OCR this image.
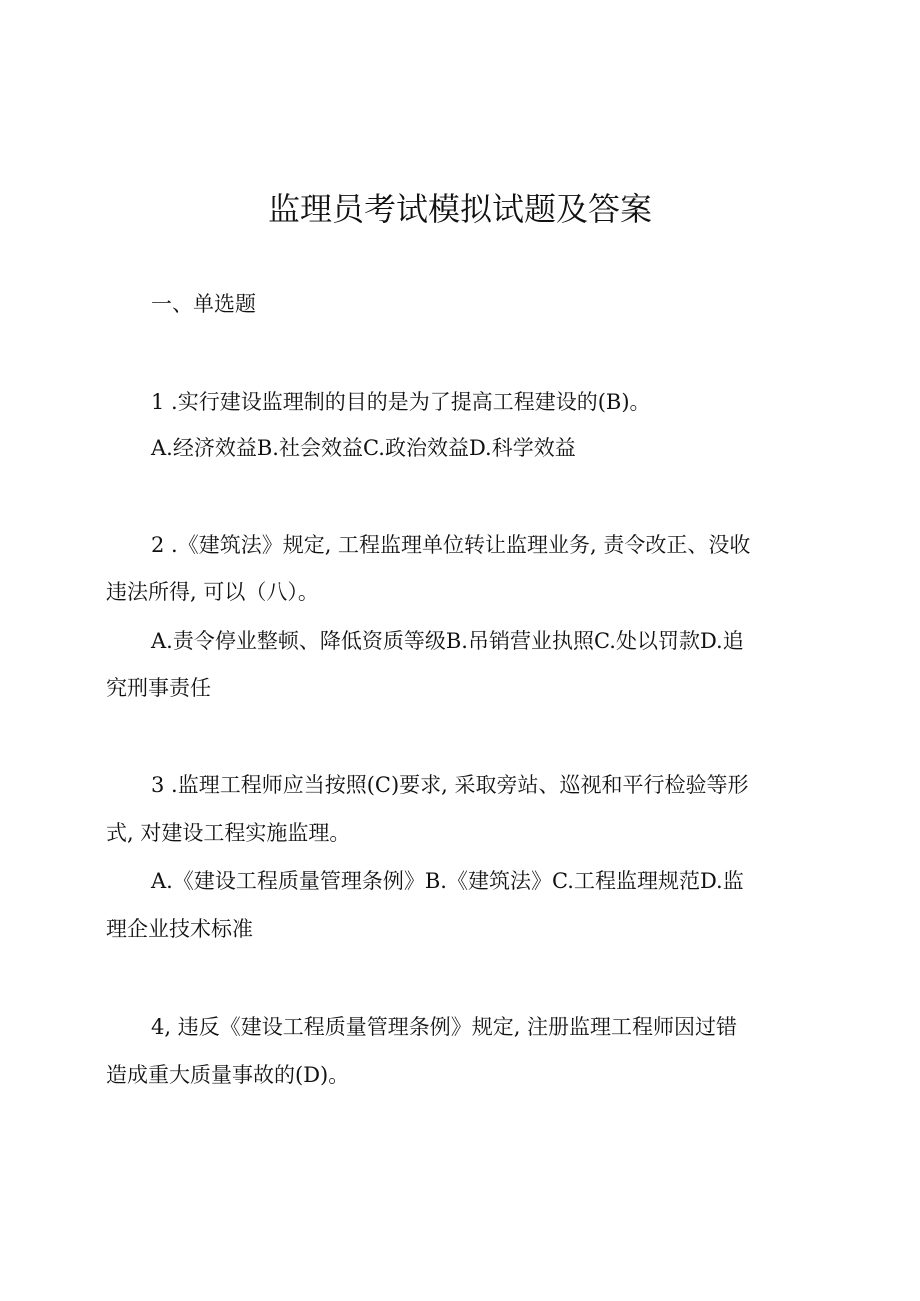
监理员考试模拟试题及答案
一、单选题
1 .实行建设监理制的目的是为了提高工程建设的(B)。
A.经济效益B.社会效益C.政治效益D.科学效益
2 .《建筑法》规定, 工程监理单位转让监理业务, 责令改正、没收
违法所得, 可以（八）。
A.责令停业整顿、降低资质等级B.吊销营业执照C.处以罚款D.追
究刑事责任
3 .监理工程师应当按照(C)要求, 采取旁站、巡视和平行检验等形
式, 对建设工程实施监理。
A.《建设工程质量管理条例》B.《建筑法》C.工程监理规范D.监
理企业技术标准
4, 违反《建设工程质量管理条例》规定, 注册监理工程师因过错
造成重大质量事故的(D)。
